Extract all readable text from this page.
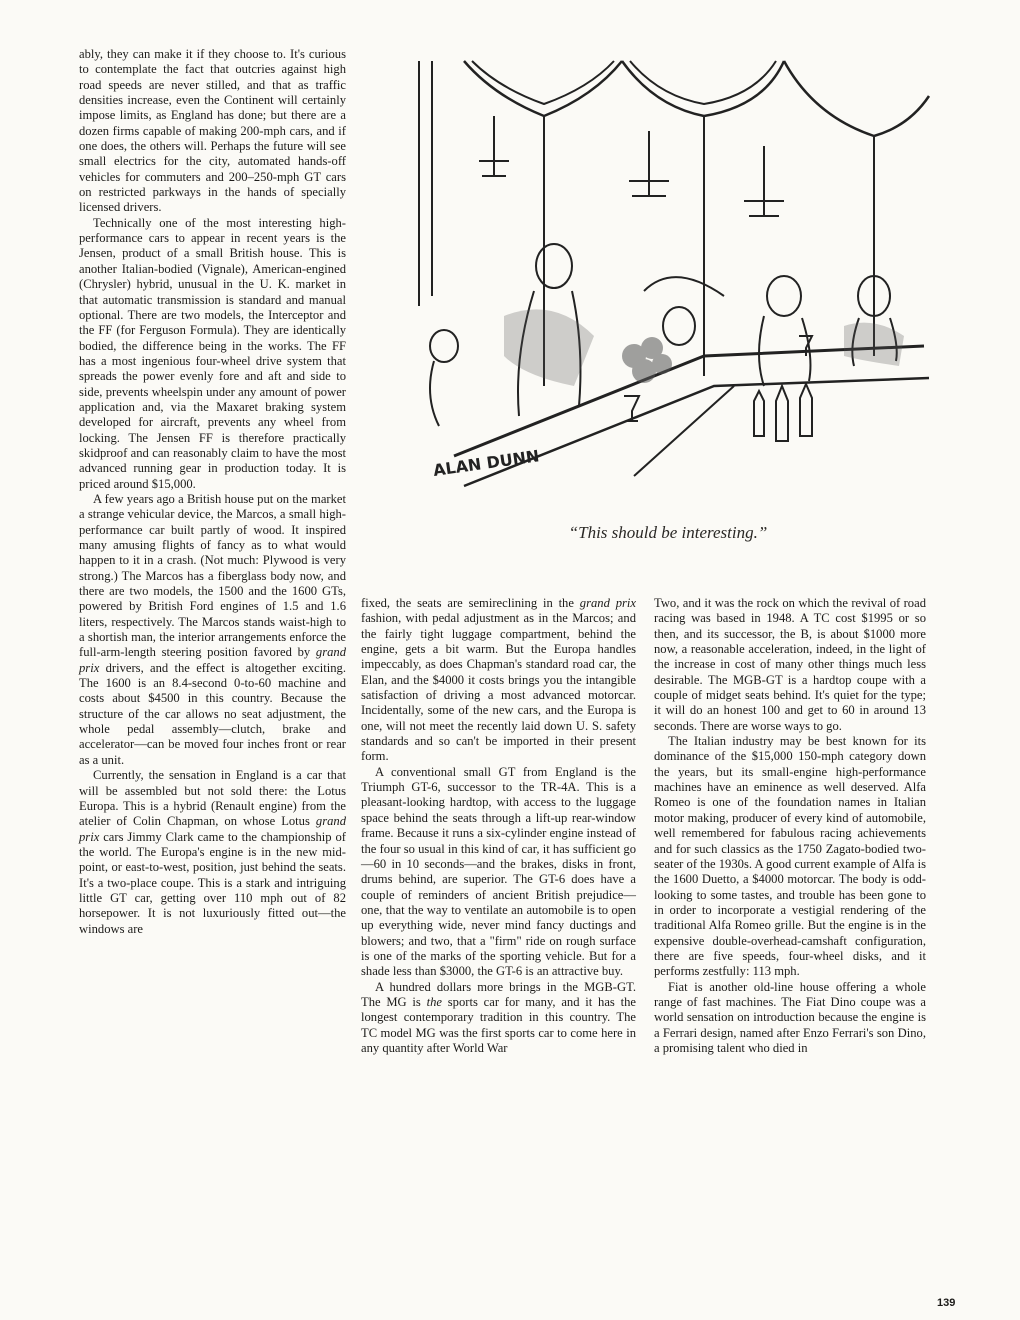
ably, they can make it if they choose to. It's curious to contemplate the fact that outcries against high road speeds are never stilled, and that as traffic densities increase, even the Continent will certainly impose limits, as England has done; but there are a dozen firms capable of making 200-mph cars, and if one does, the others will. Perhaps the future will see small electrics for the city, automated hands-off vehicles for commuters and 200–250-mph GT cars on restricted parkways in the hands of specially licensed drivers.

Technically one of the most interesting high-performance cars to appear in recent years is the Jensen, product of a small British house. This is another Italian-bodied (Vignale), American-engined (Chrysler) hybrid, unusual in the U. K. market in that automatic transmission is standard and manual optional. There are two models, the Interceptor and the FF (for Ferguson Formula). They are identically bodied, the difference being in the works. The FF has a most ingenious four-wheel drive system that spreads the power evenly fore and aft and side to side, prevents wheelspin under any amount of power application and, via the Maxaret braking system developed for aircraft, prevents any wheel from locking. The Jensen FF is therefore practically skidproof and can reasonably claim to have the most advanced running gear in production today. It is priced around $15,000.

A few years ago a British house put on the market a strange vehicular device, the Marcos, a small high-performance car built partly of wood. It inspired many amusing flights of fancy as to what would happen to it in a crash. (Not much: Plywood is very strong.) The Marcos has a fiberglass body now, and there are two models, the 1500 and the 1600 GTs, powered by British Ford engines of 1.5 and 1.6 liters, respectively. The Marcos stands waist-high to a shortish man, the interior arrangements enforce the full-arm-length steering position favored by grand prix drivers, and the effect is altogether exciting. The 1600 is an 8.4-second 0-to-60 machine and costs about $4500 in this country. Because the structure of the car allows no seat adjustment, the whole pedal assembly—clutch, brake and accelerator—can be moved four inches front or rear as a unit.

Currently, the sensation in England is a car that will be assembled but not sold there: the Lotus Europa. This is a hybrid (Renault engine) from the atelier of Colin Chapman, on whose Lotus grand prix cars Jimmy Clark came to the championship of the world. The Europa's engine is in the new mid-point, or east-to-west, position, just behind the seats. It's a two-place coupe. This is a stark and intriguing little GT car, getting over 110 mph out of 82 horsepower. It is not luxuriously fitted out—the windows are

ALAN DUNN
“This should be interesting.”

fixed, the seats are semireclining in the grand prix fashion, with pedal adjustment as in the Marcos; and the fairly tight luggage compartment, behind the engine, gets a bit warm. But the Europa handles impeccably, as does Chapman's standard road car, the Elan, and the $4000 it costs brings you the intangible satisfaction of driving a most advanced motorcar. Incidentally, some of the new cars, and the Europa is one, will not meet the recently laid down U. S. safety standards and so can't be imported in their present form.

A conventional small GT from England is the Triumph GT-6, successor to the TR-4A. This is a pleasant-looking hardtop, with access to the luggage space behind the seats through a lift-up rear-window frame. Because it runs a six-cylinder engine instead of the four so usual in this kind of car, it has sufficient go—60 in 10 seconds—and the brakes, disks in front, drums behind, are superior. The GT-6 does have a couple of reminders of ancient British prejudice—one, that the way to ventilate an automobile is to open up everything wide, never mind fancy ductings and blowers; and two, that a "firm" ride on rough surface is one of the marks of the sporting vehicle. But for a shade less than $3000, the GT-6 is an attractive buy.

A hundred dollars more brings in the MGB-GT. The MG is the sports car for many, and it has the longest contemporary tradition in this country. The TC model MG was the first sports car to come here in any quantity after World War

Two, and it was the rock on which the revival of road racing was based in 1948. A TC cost $1995 or so then, and its successor, the B, is about $1000 more now, a reasonable acceleration, indeed, in the light of the increase in cost of many other things much less desirable. The MGB-GT is a hardtop coupe with a couple of midget seats behind. It's quiet for the type; it will do an honest 100 and get to 60 in around 13 seconds. There are worse ways to go.

The Italian industry may be best known for its dominance of the $15,000 150-mph category down the years, but its small-engine high-performance machines have an eminence as well deserved. Alfa Romeo is one of the foundation names in Italian motor making, producer of every kind of automobile, well remembered for fabulous racing achievements and for such classics as the 1750 Zagato-bodied two-seater of the 1930s. A good current example of Alfa is the 1600 Duetto, a $4000 motorcar. The body is odd-looking to some tastes, and trouble has been gone to in order to incorporate a vestigial rendering of the traditional Alfa Romeo grille. But the engine is in the expensive double-overhead-camshaft configuration, there are five speeds, four-wheel disks, and it performs zestfully: 113 mph.

Fiat is another old-line house offering a whole range of fast machines. The Fiat Dino coupe was a world sensation on introduction because the engine is a Ferrari design, named after Enzo Ferrari's son Dino, a promising talent who died in

139
